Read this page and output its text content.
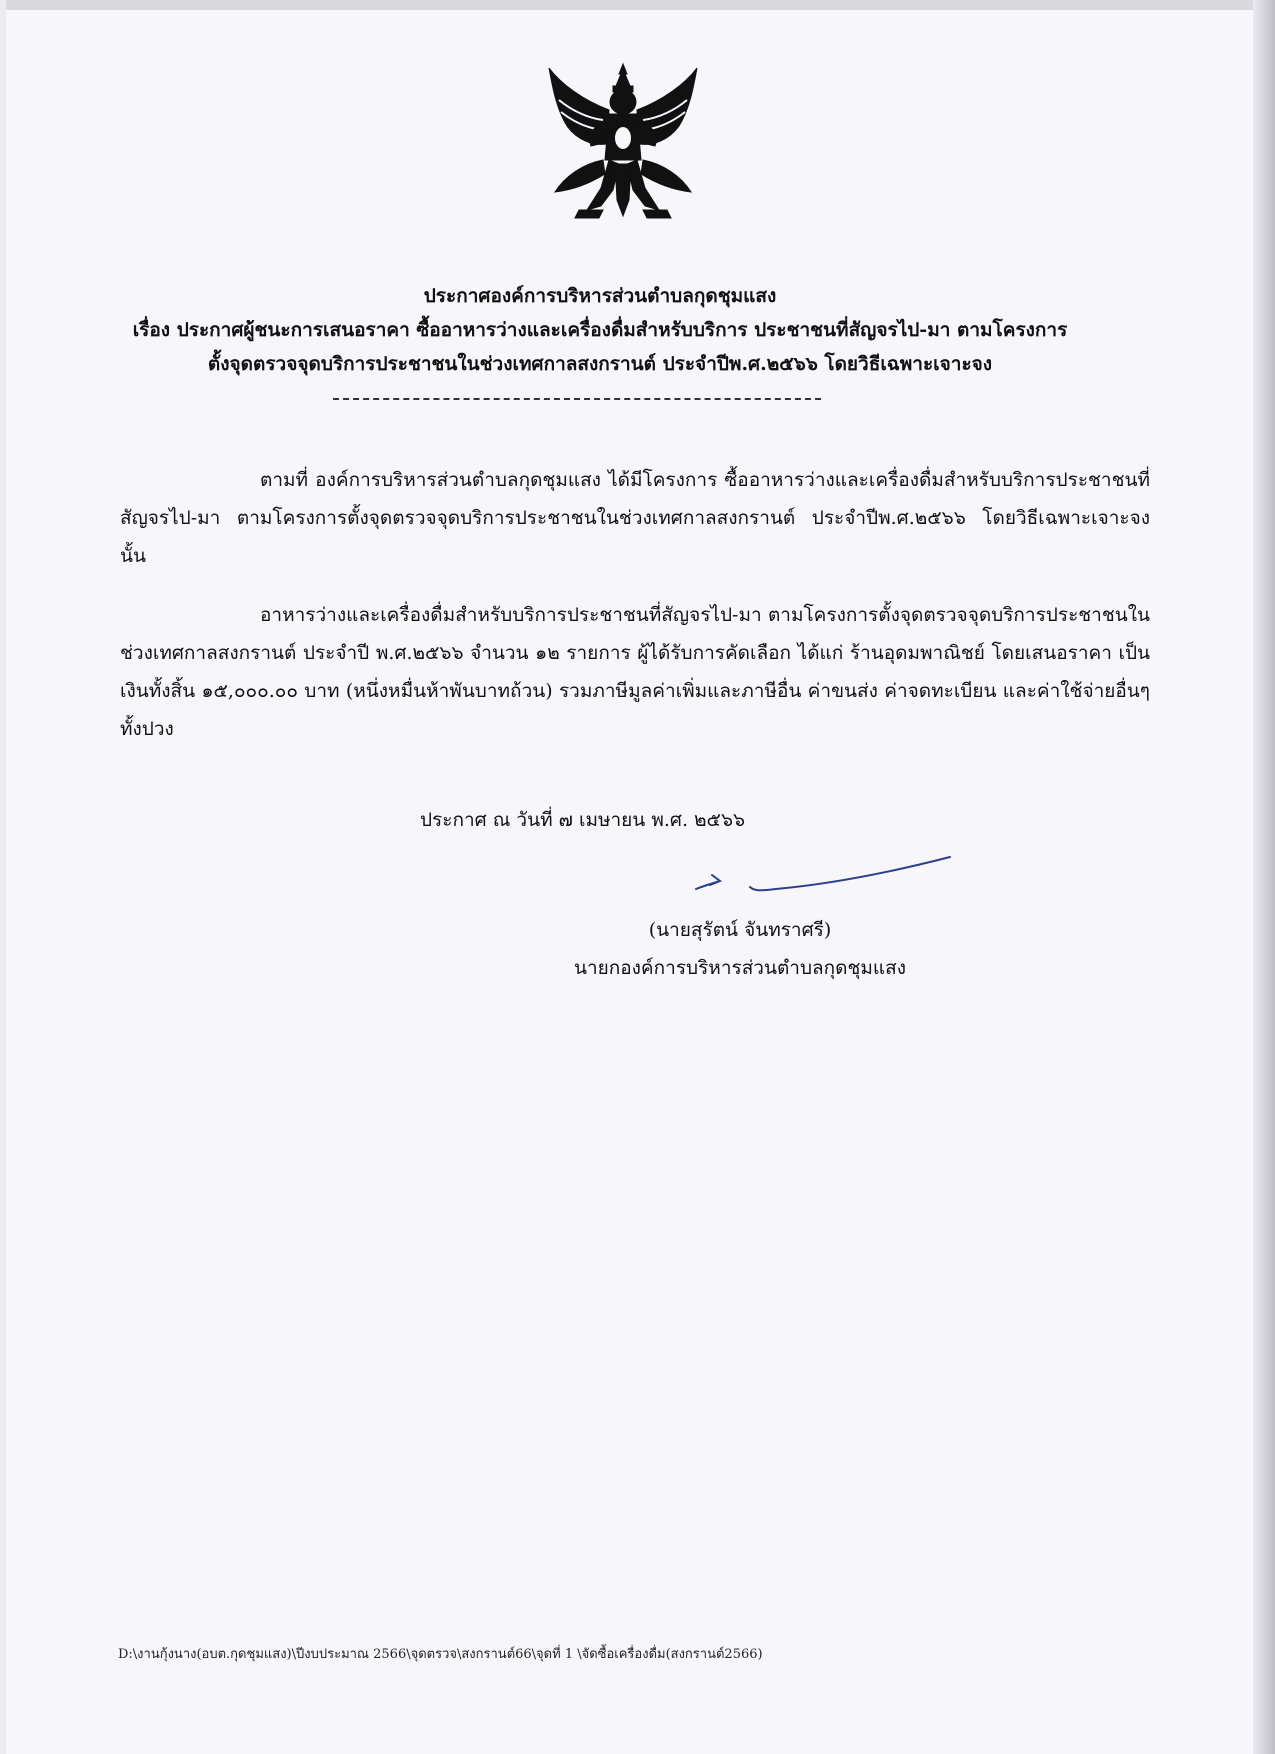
ประกาศองค์การบริหารส่วนตำบลกุดชุมแสง
เรื่อง ประกาศผู้ชนะการเสนอราคา ซื้ออาหารว่างและเครื่องดื่มสำหรับบริการ ประชาชนที่สัญจรไป-มา ตามโครงการ
ตั้งจุดตรวจจุดบริการประชาชนในช่วงเทศกาลสงกรานต์ ประจำปีพ.ศ.๒๕๖๖ โดยวิธีเฉพาะเจาะจง
ตามที่ องค์การบริหารส่วนตำบลกุดชุมแสง ได้มีโครงการ ซื้ออาหารว่างและเครื่องดื่มสำหรับบริการประชาชนที่สัญจรไป-มา ตามโครงการตั้งจุดตรวจจุดบริการประชาชนในช่วงเทศกาลสงกรานต์ ประจำปีพ.ศ.๒๕๖๖ โดยวิธีเฉพาะเจาะจง นั้น
อาหารว่างและเครื่องดื่มสำหรับบริการประชาชนที่สัญจรไป-มา ตามโครงการตั้งจุดตรวจจุดบริการประชาชนในช่วงเทศกาลสงกรานต์ ประจำปี พ.ศ.๒๕๖๖ จำนวน ๑๒ รายการ ผู้ได้รับการคัดเลือก ได้แก่ ร้านอุดมพาณิชย์ โดยเสนอราคา เป็นเงินทั้งสิ้น ๑๕,๐๐๐.๐๐ บาท (หนึ่งหมื่นห้าพันบาทถ้วน) รวมภาษีมูลค่าเพิ่มและภาษีอื่น ค่าขนส่ง ค่าจดทะเบียน และค่าใช้จ่ายอื่นๆ ทั้งปวง
ประกาศ ณ วันที่ ๗ เมษายน พ.ศ. ๒๕๖๖
(นายสุรัตน์ จันทราศรี)
นายกองค์การบริหารส่วนตำบลกุดชุมแสง
D:\งานกุ้งนาง(อบต.กุดชุมแสง)\ปีงบประมาณ 2566\จุดตรวจ\สงกรานต์66\จุดที่ 1 \จัดซื้อเครื่องดื่ม(สงกรานต์2566)
